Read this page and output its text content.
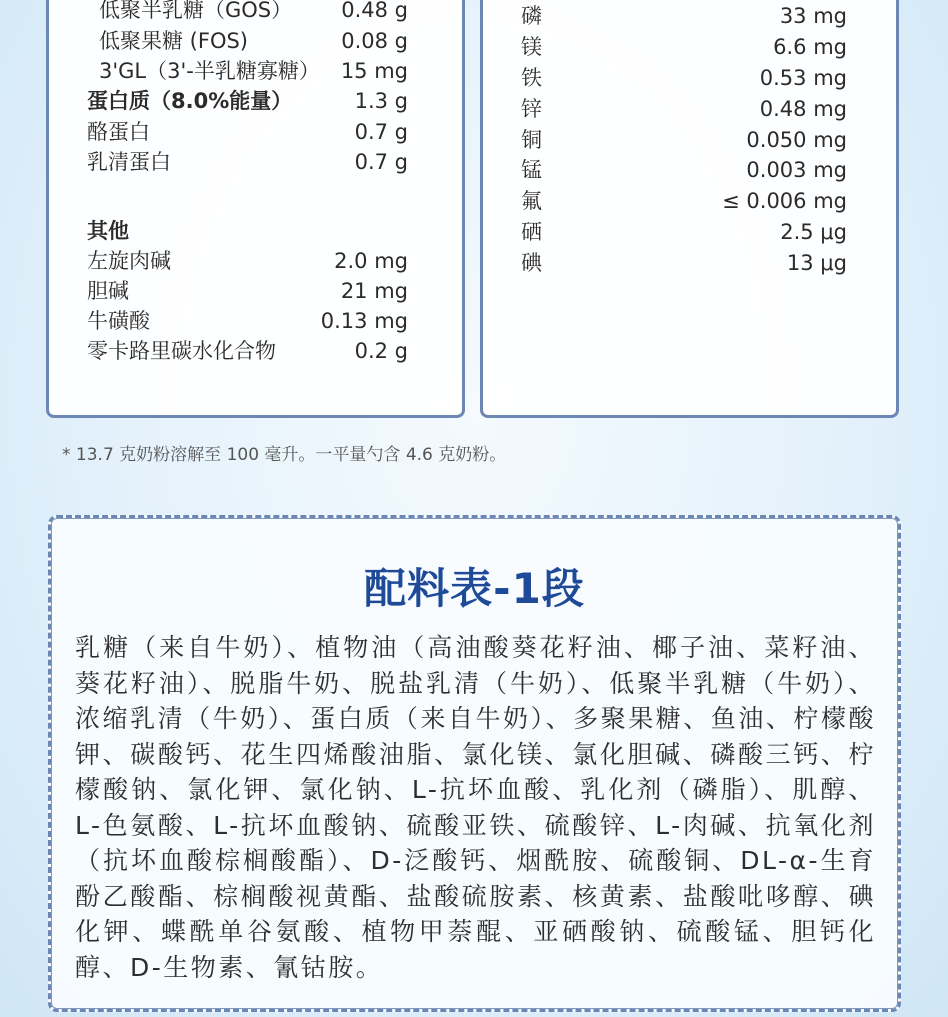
低聚半乳糖（GOS） 0.48 g
低聚果糖 (FOS)	0.08 g
3'GL（3'-半乳糖寡糖） 15 mg
蛋白质（8.0%能量）	1.3 g
酪蛋白	0.7 g
乳清蛋白	0.7 g
其他
左旋肉碱	2.0 mg
胆碱	21 mg
牛磺酸	0.13 mg
零卡路里碳水化合物	0.2 g
磷	33 mg
镁	6.6 mg
铁	0.53 mg
锌	0.48 mg
铜	0.050 mg
锰	0.003 mg
氟	≤ 0.006 mg
硒	2.5 μg
碘	13 μg
* 13.7 克奶粉溶解至 100 毫升。一平量勺含 4.6 克奶粉。
配料表-1段
乳糖（来自牛奶）、植物油（高油酸葵花籽油、椰子油、菜籽油、葵花籽油）、脱脂牛奶、脱盐乳清（牛奶）、低聚半乳糖（牛奶）、浓缩乳清（牛奶）、蛋白质（来自牛奶）、多聚果糖、鱼油、柠檬酸钾、碳酸钙、花生四烯酸油脂、氯化镁、氯化胆碱、磷酸三钙、柠檬酸钠、氯化钾、氯化钠、L-抗坏血酸、乳化剂（磷脂）、肌醇、L-色氨酸、L-抗坏血酸钠、硫酸亚铁、硫酸锌、L-肉碱、抗氧化剂（抗坏血酸棕榈酸酯）、D-泛酸钙、烟酰胺、硫酸铜、DL-α-生育酚乙酸酯、棕榈酸视黄酯、盐酸硫胺素、核黄素、盐酸吡哆醇、碘化钾、蝶酰单谷氨酸、植物甲萘醌、亚硒酸钠、硫酸锰、胆钙化醇、D-生物素、氰钴胺。
